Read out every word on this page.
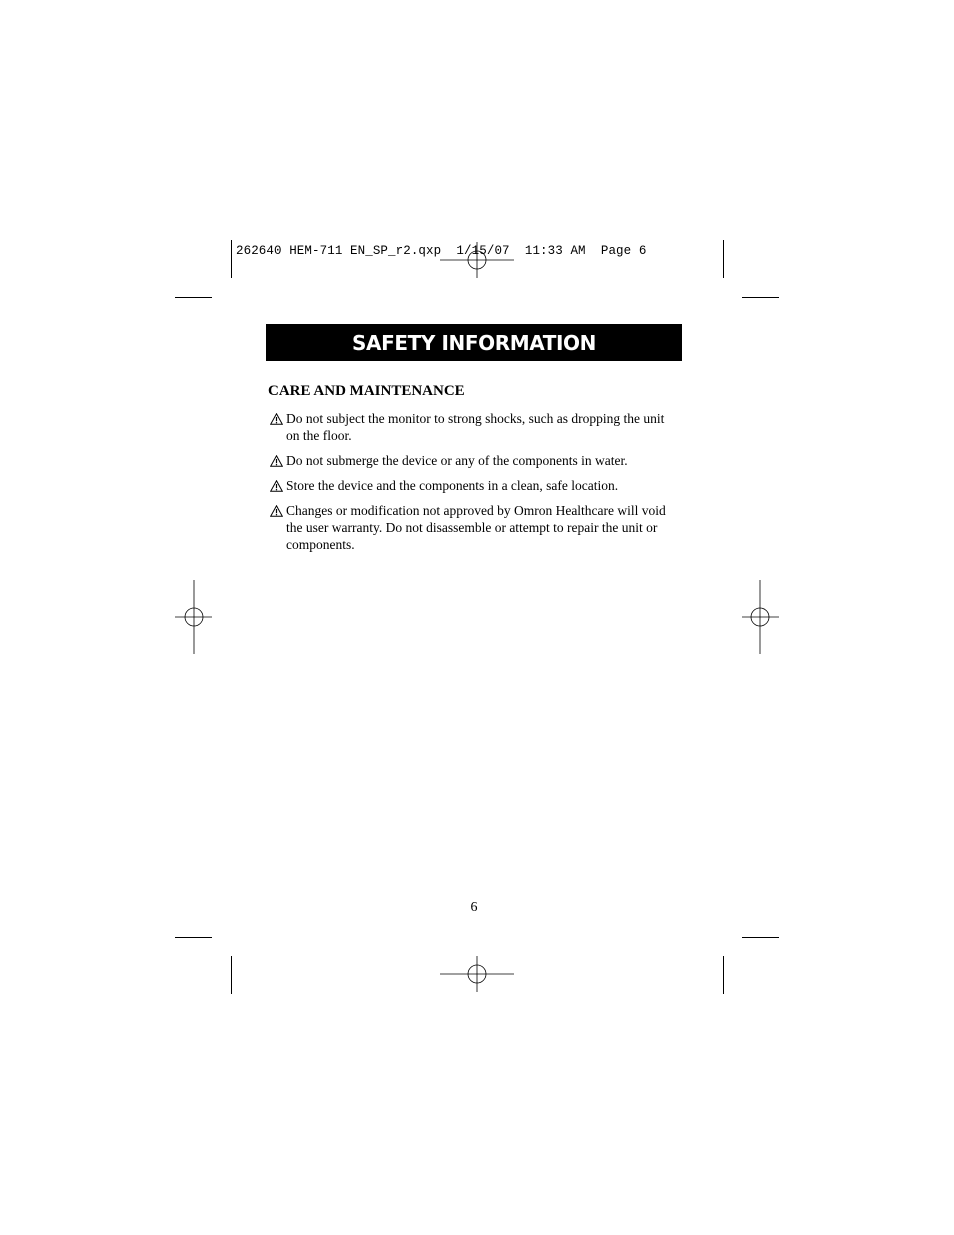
262640 HEM-711 EN_SP_r2.qxp  1/15/07  11:33 AM  Page 6
SAFETY INFORMATION
CARE AND MAINTENANCE
Do not subject the monitor to strong shocks, such as dropping the unit on the floor.
Do not submerge the device or any of the components in water.
Store the device and the components in a clean, safe location.
Changes or modification not approved by Omron Healthcare will void the user warranty. Do not disassemble or attempt to repair the unit or components.
6
